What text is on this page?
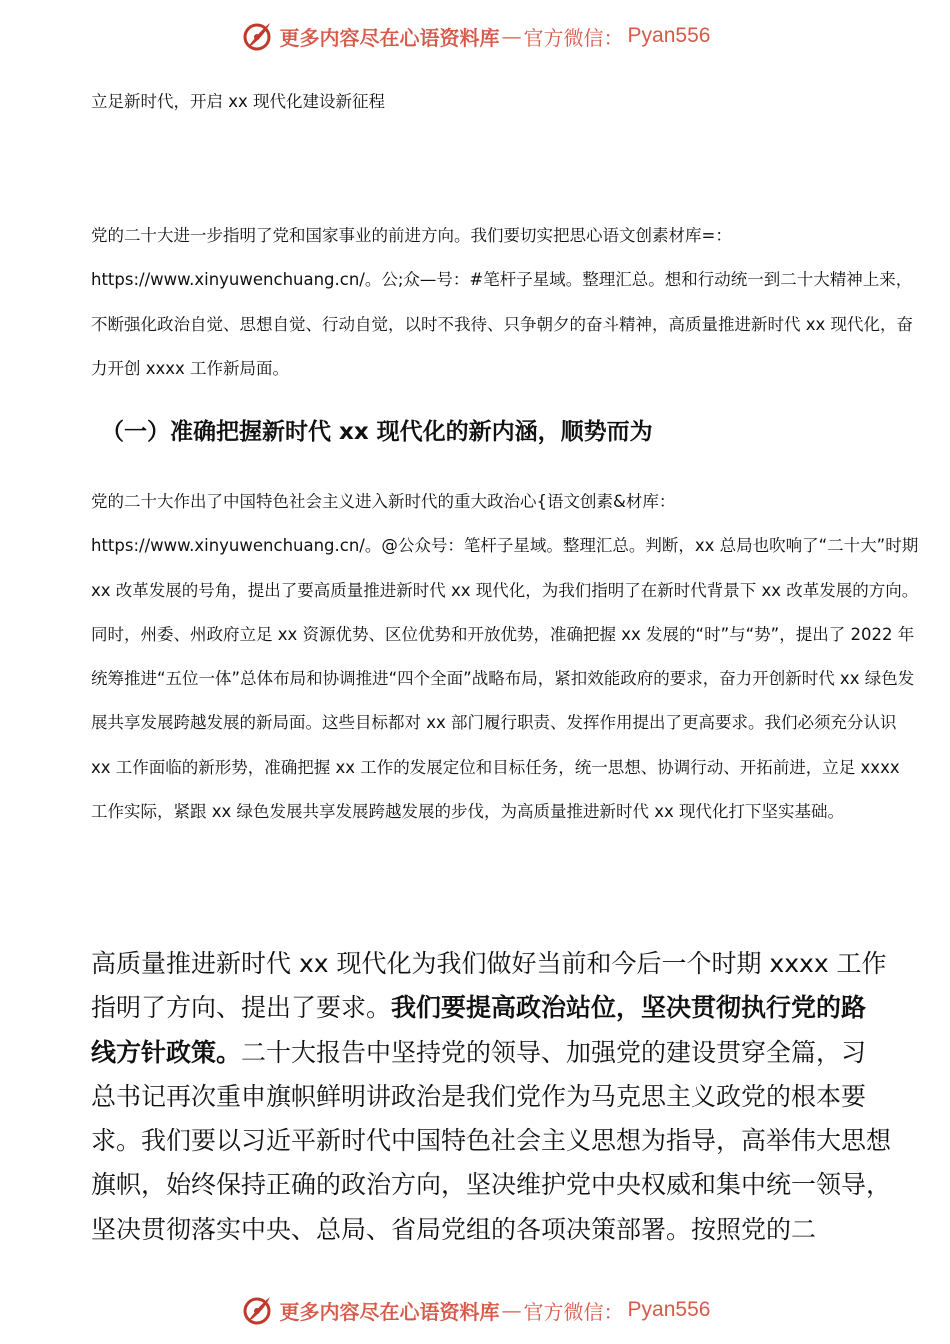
更多内容尽在心语资料库 — 官方微信： Pyan556
立足新时代，开启 xx 现代化建设新征程

党的二十大进一步指明了党和国家事业的前进方向。我们要切实把思心语文创素材库=：https://www.xinyuwenchuang.cn/。公;众—号：#笔杆子星域。整理汇总。想和行动统一到二十大精神上来，不断强化政治自觉、思想自觉、行动自觉，以时不我待、只争朝夕的奋斗精神，高质量推进新时代 xx 现代化，奋力开创 xxxx 工作新局面。

（一）准确把握新时代 xx 现代化的新内涵，顺势而为

党的二十大作出了中国特色社会主义进入新时代的重大政治心{语文创素&材库：https://www.xinyuwenchuang.cn/。@公众号：笔杆子星域。整理汇总。判断，xx 总局也吹响了“二十大”时期 xx 改革发展的号角，提出了要高质量推进新时代 xx 现代化，为我们指明了在新时代背景下 xx 改革发展的方向。同时，州委、州政府立足 xx 资源优势、区位优势和开放优势，准确把握 xx 发展的“时”与“势”，提出了 2022 年统筹推进“五位一体”总体布局和协调推进“四个全面”战略布局，紧扣效能政府的要求，奋力开创新时代 xx 绿色发展共享发展跨越发展的新局面。这些目标都对 xx 部门履行职责、发挥作用提出了更高要求。我们必须充分认识 xx 工作面临的新形势，准确把握 xx 工作的发展定位和目标任务，统一思想、协调行动、开拓前进，立足 xxxx 工作实际，紧跟 xx 绿色发展共享发展跨越发展的步伐，为高质量推进新时代 xx 现代化打下坚实基础。

高质量推进新时代 xx 现代化为我们做好当前和今后一个时期 xxxx 工作指明了方向、提出了要求。我们要提高政治站位，坚决贯彻执行党的路线方针政策。二十大报告中坚持党的领导、加强党的建设贯穿全篇，习总书记再次重申旗帜鲜明讲政治是我们党作为马克思主义政党的根本要求。我们要以习近平新时代中国特色社会主义思想为指导，高举伟大思想旗帜，始终保持正确的政治方向，坚决维护党中央权威和集中统一领导，坚决贯彻落实中央、总局、省局党组的各项决策部署。按照党的二

更多内容尽在心语资料库 — 官方微信： Pyan556
